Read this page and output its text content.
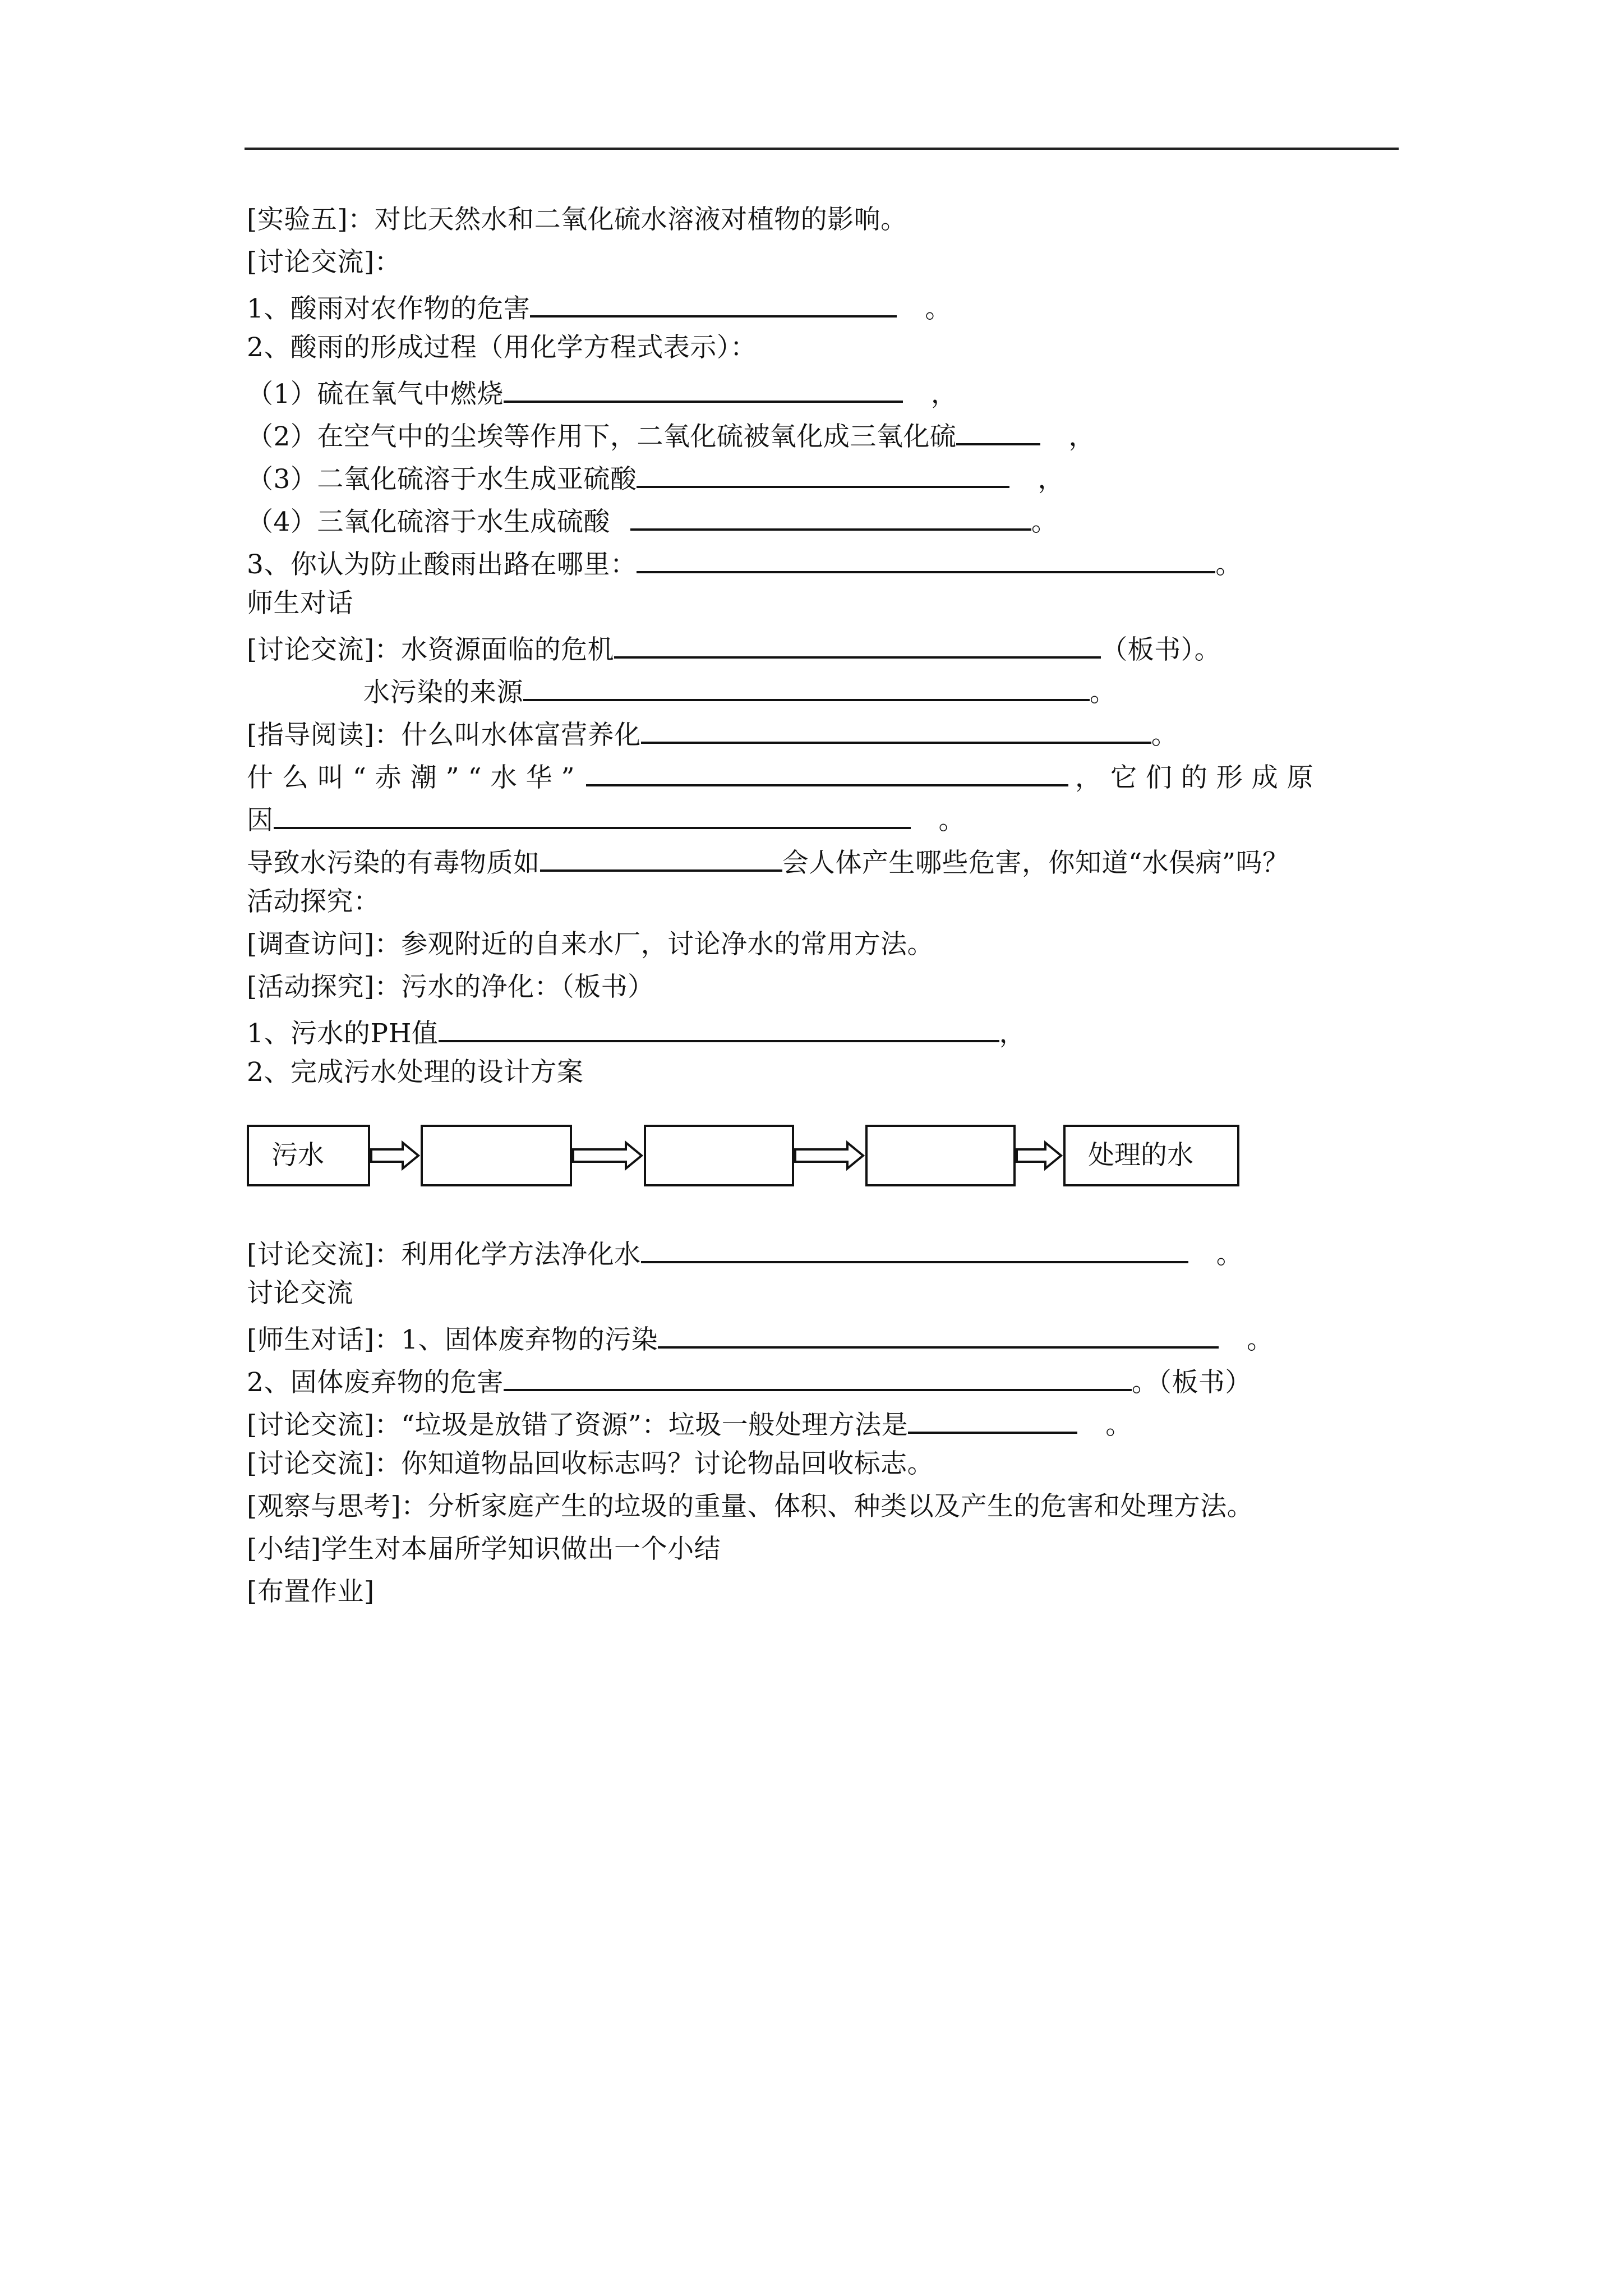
[实验五]：对比天然水和二氧化硫水溶液对植物的影响。
[讨论交流]：
1、酸雨对农作物的危害	。
2、酸雨的形成过程（用化学方程式表示）：
（1）硫在氧气中燃烧	，
（2）在空气中的尘埃等作用下，二氧化硫被氧化成三氧化硫	，
（3）二氧化硫溶于水生成亚硫酸	，
（4）三氧化硫溶于水生成硫酸	。
3、你认为防止酸雨出路在哪里：	。
师生对话
[讨论交流]：水资源面临的危机	（板书）。
水污染的来源	。
[指导阅读]：什么叫水体富营养化	。
什 么 叫 “ 赤 潮 ” “ 水 华 ”	， 它 们 的 形 成 原
因	。
导致水污染的有毒物质如	会人体产生哪些危害，你知道“水俣病”吗？
活动探究：
[调查访问]：参观附近的自来水厂，讨论净水的常用方法。
[活动探究]：污水的净化：（板书）
1、污水的PH值	，
2、完成污水处理的设计方案
污水	处理的水
[讨论交流]：利用化学方法净化水	。
讨论交流
[师生对话]：1、固体废弃物的污染	。
2、固体废弃物的危害	。（板书）
[讨论交流]：“垃圾是放错了资源”：垃圾一般处理方法是	。
[讨论交流]：你知道物品回收标志吗？讨论物品回收标志。
[观察与思考]：分析家庭产生的垃圾的重量、体积、种类以及产生的危害和处理方法。
[小结]学生对本届所学知识做出一个小结
[布置作业]
